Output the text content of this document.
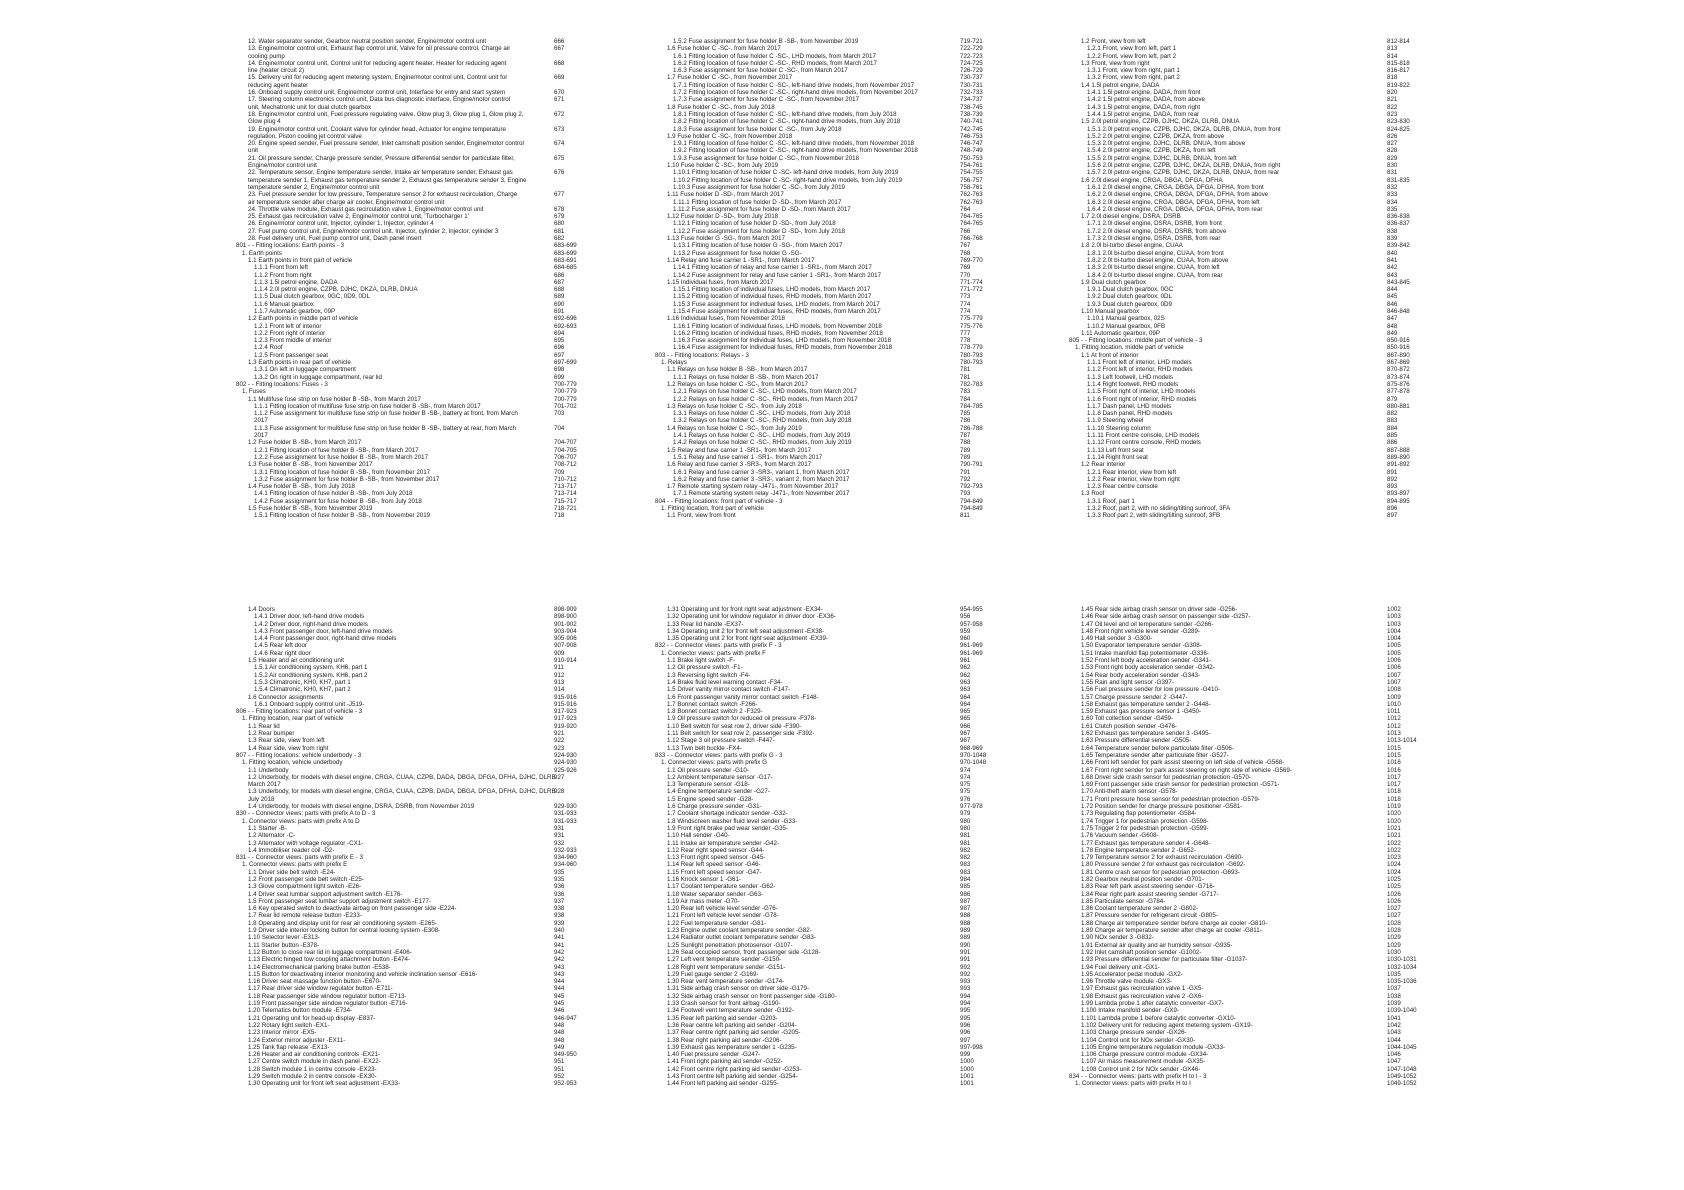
12. Water separator sender, Gearbox neutral position sender, Engine/motor control unit	666
13. Engine/motor control unit, Exhaust flap control unit, Valve for oil pressure control, Charge air	667
cooling pump
14. Engine/motor control unit, Control unit for reducing agent heater, Heater for reducing agent	668
line (heater circuit 2)
15. Delivery unit for reducing agent metering system, Engine/motor control unit, Control unit for	669
reducing agent heater
16. Onboard supply control unit, Engine/motor control unit, Interface for entry and start system	670
17. Steering column electronics control unit, Data bus diagnostic interface, Engine/motor control	671
unit, Mechatronic unit for dual clutch gearbox
18. Engine/motor control unit, Fuel pressure regulating valve, Glow plug 3, Glow plug 1, Glow plug 2,	672
Glow plug 4
19. Engine/motor control unit, Coolant valve for cylinder head, Actuator for engine temperature	673
regulation, Piston cooling jet control valve
20. Engine speed sender, Fuel pressure sender, Inlet camshaft position sender, Engine/motor control	674
unit
21. Oil pressure sender, Charge pressure sender, Pressure differential sender for particulate filter,	675
Engine/motor control unit
22. Temperature sensor, Engine temperature sender, Intake air temperature sender, Exhaust gas	676
temperature sender 1, Exhaust gas temperature sender 2, Exhaust gas temperature sender 3, Engine
temperature sender 2, Engine/motor control unit
23. Fuel pressure sender for low pressure, Temperature sensor 2 for exhaust recirculation, Charge	677
air temperature sender after charge air cooler, Engine/motor control unit
24. Throttle valve module, Exhaust gas recirculation valve 1, Engine/motor control unit	678
25. Exhaust gas recirculation valve 2, Engine/motor control unit, 'Turbocharger 1'	679
26. Engine/motor control unit, Injector, cylinder 1, Injector, cylinder 4	680
27. Fuel pump control unit, Engine/motor control unit, Injector, cylinder 2, Injector, cylinder 3	681
28. Fuel delivery unit, Fuel pump control unit, Dash panel insert	682
801 - - Fitting locations: Earth points - 3	683-699
1. Earth points	683-699
1.1 Earth points in front part of vehicle	683-691
1.1.1 Front from left	684-685
1.1.2 Front from right	686
1.1.3 1.5l petrol engine, DADA	687
1.1.4 2.0l petrol engine, CZPB, DJHC, DKZA, DLRB, DNUA	688
1.1.5 Dual clutch gearbox, 0GC, 0D9, 0DL	689
1.1.6 Manual gearbox	690
1.1.7 Automatic gearbox, 09P	691
1.2 Earth points in middle part of vehicle	692-696
1.2.1 Front left of interior	692-693
1.2.2 Front right of interior	694
1.2.3 Front middle of interior	695
1.2.4 Roof	696
1.2.5 Front passenger seat	697
1.3 Earth points in rear part of vehicle	697-699
1.3.1 On left in luggage compartment	698
1.3.2 On right in luggage compartment, rear lid	699
802 - - Fitting locations: Fuses - 3	700-779
1. Fuses	700-779
1.1 Multifuse fuse strip on fuse holder B -SB-, from March 2017	700-779
1.1.1 Fitting location of multifuse fuse strip on fuse holder B -SB-, from March 2017	701-702
1.1.2 Fuse assignment for multifuse fuse strip on fuse holder B -SB-, battery at front, from March	703
2017
1.1.3 Fuse assignment for multifuse fuse strip on fuse holder B -SB-, battery at rear, from March	704
2017
1.2 Fuse holder B -SB-, from March 2017	704-707
1.2.1 Fitting location of fuse holder B -SB-, from March 2017	704-705
1.2.2 Fuse assignment for fuse holder B -SB-, from March 2017	706-707
1.3 Fuse holder B -SB-, from November 2017	708-712
1.3.1 Fitting location of fuse holder B -SB-, from November 2017	709
1.3.2 Fuse assignment for fuse holder B -SB-, from November 2017	710-712
1.4 Fuse holder B -SB-, from July 2018	713-717
1.4.1 Fitting location of fuse holder B -SB-, from July 2018	713-714
1.4.2 Fuse assignment for fuse holder B -SB-, from July 2018	715-717
1.5 Fuse holder B -SB-, from November 2019	718-721
1.5.1 Fitting location of fuse holder B -SB-, from November 2019	718
1.5.2 Fuse assignment for fuse holder B -SB-, from November 2019	719-721
1.6 Fuse holder C -SC-, from March 2017	722-729
1.6.1 Fitting location of fuse holder C -SC-, LHD models, from March 2017	722-723
1.6.2 Fitting location of fuse holder C -SC-, RHD models, from March 2017	724-725
1.6.3 Fuse assignment for fuse holder C -SC-, from March 2017	726-729
1.7 Fuse holder C -SC-, from November 2017	730-737
1.7.1 Fitting location of fuse holder C -SC-, left-hand drive models, from November 2017	730-731
1.7.2 Fitting location of fuse holder C -SC-, right-hand drive models, from November 2017	732-733
1.7.3 Fuse assignment for fuse holder C -SC-, from November 2017	734-737
1.8 Fuse holder C -SC-, from July 2018	738-745
1.8.1 Fitting location of fuse holder C -SC-, left-hand drive models, from July 2018	738-739
1.8.2 Fitting location of fuse holder C -SC-, right-hand drive models, from July 2018	740-741
1.8.3 Fuse assignment for fuse holder C -SC-, from July 2018	742-745
1.9 Fuse holder C -SC-, from November 2018	746-753
1.9.1 Fitting location of fuse holder C -SC-, left-hand drive models, from November 2018	746-747
1.9.2 Fitting location of fuse holder C -SC-, right-hand drive models, from November 2018	748-749
1.9.3 Fuse assignment for fuse holder C -SC-, from November 2018	750-753
1.10 Fuse holder C -SC-, from July 2019	754-761
1.10.1 Fitting location of fuse holder C -SC- left-hand drive models, from July 2019	754-755
1.10.2 Fitting location of fuse holder C -SC- right-hand drive models, from July 2019	756-757
1.10.3 Fuse assignment for fuse holder C -SC-, from July 2019	758-761
1.11 Fuse holder D -SD-, from March 2017	762-763
1.11.1 Fitting location of fuse holder D -SD-, from March 2017	762-763
1.11.2 Fuse assignment for fuse holder D -SD-, from March 2017	764
1.12 Fuse holder D -SD-, from July 2018	764-765
1.12.1 Fitting location of fuse holder D -SD-, from July 2018	764-765
1.12.2 Fuse assignment for fuse holder D -SD-, from July 2018	766
1.13 Fuse holder G -SG-, from March 2017	766-768
1.13.1 Fitting location of fuse holder G -SG-, from March 2017	767
1.13.2 Fuse assignment for fuse holder G -SG-	768
1.14 Relay and fuse carrier 1 -SR1-, from March 2017	769-770
1.14.1 Fitting location of relay and fuse carrier 1 -SR1-, from March 2017	769
1.14.2 Fuse assignment for relay and fuse carrier 1 -SR1-, from March 2017	770
1.15 Individual fuses, from March 2017	771-774
1.15.1 Fitting location of individual fuses, LHD models, from March 2017	771-772
1.15.2 Fitting location of individual fuses, RHD models, from March 2017	773
1.15.3 Fuse assignment for individual fuses, LHD models, from March 2017	774
1.15.4 Fuse assignment for individual fuses, RHD models, from March 2017	774
1.16 Individual fuses, from November 2018	775-779
1.16.1 Fitting location of individual fuses, LHD models, from November 2018	775-776
1.16.2 Fitting location of individual fuses, RHD models, from November 2018	777
1.16.3 Fuse assignment for individual fuses, LHD models, from November 2018	778
1.16.4 Fuse assignment for individual fuses, RHD models, from November 2018	778-779
803 - - Fitting locations: Relays - 3	780-793
1. Relays	780-793
1.1 Relays on fuse holder B -SB-, from March 2017	781
1.1.1 Relays on fuse holder B -SB-, from March 2017	781
1.2 Relays on fuse holder C -SC-, from March 2017	782-783
1.2.1 Relays on fuse holder C -SC-, LHD models, from March 2017	783
1.2.2 Relays on fuse holder C -SC-, RHD models, from March 2017	784
1.3 Relays on fuse holder C -SC-, from July 2018	784-785
1.3.1 Relays on fuse holder C -SC-, LHD models, from July 2018	785
1.3.2 Relays on fuse holder C -SC-, RHD models, from July 2018	786
1.4 Relays on fuse holder C -SC-, from July 2019	786-788
1.4.1 Relays on fuse holder C -SC-, LHD models, from July 2019	787
1.4.2 Relays on fuse holder C -SC-, RHD models, from July 2019	788
1.5 Relay and fuse carrier 1 -SR1-, from March 2017	789
1.5.1 Relay and fuse carrier 1 -SR1-, from March 2017	789
1.6 Relay and fuse carrier 3 -SR3-, from March 2017	790-791
1.6.1 Relay and fuse carrier 3 -SR3-, variant 1, from March 2017	791
1.6.2 Relay and fuse carrier 3 -SR3-, variant 2, from March 2017	792
1.7 Remote starting system relay -J471-, from November 2017	792-793
1.7.1 Remote starting system relay -J471-, from November 2017	793
804 - - Fitting locations: front part of vehicle - 3	794-849
1. Fitting location, front part of vehicle	794-849
1.1 Front, view from front	811
1.2 Front, view from left	812-814
1.2.1 Front, view from left, part 1	813
1.2.2 Front, view from left, part 2	814
1.3 Front, view from right	815-818
1.3.1 Front, view from right, part 1	816-817
1.3.2 Front, view from right, part 2	818
1.4 1.5l petrol engine, DADA	819-822
1.4.1 1.5l petrol engine, DADA, from front	820
1.4.2 1.5l petrol engine, DADA, from above	821
1.4.3 1.5l petrol engine, DADA, from right	822
1.4.4 1.5l petrol engine, DADA, from rear	823
1.5 2.0l petrol engine, CZPB, DJHC, DKZA, DLRB, DNUA	823-830
1.5.1 2.0l petrol engine, CZPB, DJHC, DKZA, DLRB, DNUA, from front	824-825
1.5.2 2.0l petrol engine, CZPB, DKZA, from above	826
1.5.3 2.0l petrol engine, DJHC, DLRB, DNUA, from above	827
1.5.4 2.0l petrol engine, CZPB, DKZA, from left	828
1.5.5 2.0l petrol engine, DJHC, DLRB, DNUA, from left	829
1.5.6 2.0l petrol engine, CZPB, DJHC, DKZA, DLRB, DNUA, from right	830
1.5.7 2.0l petrol engine, CZPB, DJHC, DKZA, DLRB, DNUA, from rear	831
1.6 2.0l diesel engine, CRGA, DBGA, DFGA, DFHA	831-835
1.6.1 2.0l diesel engine, CRGA, DBGA, DFGA, DFHA, from front	832
1.6.2 2.0l diesel engine, CRGA, DBGA, DFGA, DFHA, from above	833
1.6.3 2.0l diesel engine, CRGA, DBGA, DFGA, DFHA, from left	834
1.6.4 2.0l diesel engine, CRGA, DBGA, DFGA, DFHA, from rear	835
1.7 2.0l diesel engine, DSRA, DSRB	836-838
1.7.1 2.0l diesel engine, DSRA, DSRB, from front	836-837
1.7.2 2.0l diesel engine, DSRA, DSRB, from above	838
1.7.3 2.0l diesel engine, DSRA, DSRB, from rear	839
1.8 2.0l bi-turbo diesel engine, CUAA	839-842
1.8.1 2.0l bi-turbo diesel engine, CUAA, from front	840
1.8.2 2.0l bi-turbo diesel engine, CUAA, from above	841
1.8.3 2.0l bi-turbo diesel engine, CUAA, from left	842
1.8.4 2.0l bi-turbo diesel engine, CUAA, from rear	843
1.9 Dual clutch gearbox	843-845
1.9.1 Dual clutch gearbox, 0GC	844
1.9.2 Dual clutch gearbox, 0DL	845
1.9.3 Dual clutch gearbox, 0D9	846
1.10 Manual gearbox	846-848
1.10.1 Manual gearbox, 02S	847
1.10.2 Manual gearbox, 0FB	848
1.11 Automatic gearbox, 09P	849
805 - - Fitting locations: middle part of vehicle - 3	850-916
1. Fitting location, middle part of vehicle	850-916
1.1 At front of interior	867-890
1.1.1 Front left of interior, LHD models	867-869
1.1.2 Front left of interior, RHD models	870-872
1.1.3 Left footwell, LHD models	873-874
1.1.4 Right footwell, RHD models	875-876
1.1.5 Front right of interior, LHD models	877-878
1.1.6 Front right of interior, RHD models	879
1.1.7 Dash panel, LHD models	880-881
1.1.8 Dash panel, RHD models	882
1.1.9 Steering wheel	883
1.1.10 Steering column	884
1.1.11 Front centre console, LHD models	885
1.1.12 Front centre console, RHD models	886
1.1.13 Left front seat	887-888
1.1.14 Right front seat	889-890
1.2 Rear interior	891-892
1.2.1 Rear interior, view from left	891
1.2.2 Rear interior, view from right	892
1.2.3 Rear centre console	893
1.3 Roof	893-897
1.3.1 Roof, part 1	894-895
1.3.2 Roof, part 2, with no sliding/tilting sunroof, 3FA	896
1.3.3 Roof part 2, with sliding/tilting sunroof, 3FB	897
1.4 Doors	898-909
1.4.1 Driver door, left-hand drive models	898-900
1.4.2 Driver door, right-hand drive models	901-902
1.4.3 Front passenger door, left-hand drive models	903-904
1.4.4 Front passenger door, right-hand drive models	905-906
1.4.5 Rear left door	907-908
1.4.6 Rear right door	909
1.5 Heater and air conditioning unit	910-914
1.5.1 Air conditioning system, KH6, part 1	911
1.5.2 Air conditioning system, KH6, part 2	912
1.5.3 Climatronic, KH0, KH7, part 1	913
1.5.4 Climatronic, KH0, KH7, part 2	914
1.6 Connector assignments	915-916
1.6.1 Onboard supply control unit -J519-	915-916
806 - - Fitting locations: rear part of vehicle - 3	917-923
1. Fitting location, rear part of vehicle	917-923
1.1 Rear lid	919-920
1.2 Rear bumper	921
1.3 Rear side, view from left	922
1.4 Rear side, view from right	923
807 - - Fitting locations: vehicle underbody - 3	924-930
1. Fitting location, vehicle underbody	924-930
1.1 Underbody	925-926
1.2 Underbody, for models with diesel engine, CRGA, CUAA, CZPB, DADA, DBGA, DFGA, DFHA, DJHC, DLRB
927
March 2017
1.3 Underbody, for models with diesel engine, CRGA, CUAA, CZPB, DADA, DBGA, DFGA, DFHA, DJHC, DLRB
928
July 2018
1.4 Underbody, for models with diesel engine, DSRA, DSRB, from November 2019	929-930
830 - - Connector views: parts with prefix A to D - 3	931-933
1. Connector views: parts with prefix A to D	931-933
1.1 Starter -B-	931
1.2 Alternator -C-	931
1.3 Alternator with voltage regulator -CX1-	932
1.4 Immobiliser reader coil -D2-	932-933
831 - - Connector views: parts with prefix E - 3	934-960
1. Connector views: parts with prefix E	934-960
1.1 Driver side belt switch -E24-	935
1.2 Front passenger side belt switch -E25-	935
1.3 Glove compartment light switch -E26-	936
1.4 Driver seat lumbar support adjustment switch -E176-	936
1.5 Front passenger seat lumbar support adjustment switch -E177-	937
1.6 Key operated switch to deactivate airbag on front passenger side -E224-	938
1.7 Rear lid remote release button -E233-	938
1.8 Operating and display unit for rear air conditioning system -E265-	939
1.9 Driver side interior locking button for central locking system -E308-	940
1.10 Selector lever -E313-	941
1.11 Starter button -E378-	941
1.12 Button to close rear lid in luggage compartment -E406-	942
1.13 Electric hinged tow coupling attachment button -E474-	942
1.14 Electromechanical parking brake button -E538-	943
1.15 Button for deactivating interior monitoring and vehicle inclination sensor -E616-	943
1.16 Driver seat massage function button -E670-	944
1.17 Rear driver side window regulator button -E711-	944
1.18 Rear passenger side window regulator button -E713-	945
1.19 Front passenger side window regulator button -E716-	945
1.20 Telematics button module -E734-	946
1.21 Operating unit for head-up display -E837-	946-947
1.22 Rotary light switch -EX1-	948
1.23 Interior mirror -EX5-	948
1.24 Exterior mirror adjuster -EX11-	948
1.25 Tank flap release -EX13-	949
1.26 Heater and air conditioning controls -EX21-	949-950
1.27 Centre switch module in dash panel -EX22-	951
1.28 Switch module 1 in centre console -EX23-	951
1.29 Switch module 2 in centre console -EX30-	952
1.30 Operating unit for front left seat adjustment -EX33-	952-953
1.31 Operating unit for front right seat adjustment -EX34-	954-955
1.32 Operating unit for window regulator in driver door -EX36-	956
1.33 Rear lid handle -EX37-	957-958
1.34 Operating unit 2 for front left seat adjustment -EX38-	959
1.35 Operating unit 2 for front right seat adjustment -EX39-	960
832 - - Connector views: parts with prefix F - 3	961-969
1. Connector views: parts with prefix F	961-969
1.1 Brake light switch -F-	961
1.2 Oil pressure switch -F1-	962
1.3 Reversing light switch -F4-	962
1.4 Brake fluid level warning contact -F34-	963
1.5 Driver vanity mirror contact switch -F147-	963
1.6 Front passenger vanity mirror contact switch -F148-	964
1.7 Bonnet contact switch -F266-	964
1.8 Bonnet contact switch 2 -F329-	965
1.9 Oil pressure switch for reduced oil pressure -F378-	965
1.10 Belt switch for seat row 2, driver side -F390-	966
1.11 Belt switch for seat row 2, passenger side -F392-	967
1.12 Stage 3 oil pressure switch -F447-	967
1.13 Twin belt buckle -FX4-	968-969
833 - - Connector views: parts with prefix G - 3	970-1048
1. Connector views: parts with prefix G	970-1048
1.1 Oil pressure sender -G10-	974
1.2 Ambient temperature sensor -G17-	974
1.3 Temperature sensor -G18-	975
1.4 Engine temperature sender -G27-	975
1.5 Engine speed sender -G28-	976
1.6 Charge pressure sender -G31-	977-978
1.7 Coolant shortage indicator sender -G32-	979
1.8 Windscreen washer fluid level sender -G33-	980
1.9 Front right brake pad wear sender -G35-	980
1.10 Hall sender -G40-	981
1.11 Intake air temperature sender -G42-	981
1.12 Rear right speed sensor -G44-	982
1.13 Front right speed sensor -G45-	982
1.14 Rear left speed sensor -G46-	983
1.15 Front left speed sensor -G47-	983
1.16 Knock sensor 1 -G61-	984
1.17 Coolant temperature sender -G62-	985
1.18 Water separator sender -G63-	986
1.19 Air mass meter -G70-	987
1.20 Rear left vehicle level sender -G76-	987
1.21 Front left vehicle level sender -G78-	988
1.22 Fuel temperature sender -G81-	988
1.23 Engine outlet coolant temperature sender -G82-	989
1.24 Radiator outlet coolant temperature sender -G83-	989
1.25 Sunlight penetration photosensor -G107-	990
1.26 Seat occupied sensor, front passenger side -G128-	991
1.27 Left vent temperature sender -G150-	991
1.28 Right vent temperature sender -G151-	992
1.29 Fuel gauge sender 2 -G169-	992
1.30 Rear vent temperature sender -G174-	993
1.31 Side airbag crash sensor on driver side -G179-	993
1.32 Side airbag crash sensor on front passenger side -G180-	994
1.33 Crash sensor for front airbag -G190-	994
1.34 Footwell vent temperature sender -G192-	995
1.35 Rear left parking aid sender -G203-	995
1.36 Rear centre left parking aid sender -G204-	996
1.37 Rear centre right parking aid sender -G205-	996
1.38 Rear right parking aid sender -G206-	997
1.39 Exhaust gas temperature sender 1 -G235-	997-998
1.40 Fuel pressure sender -G247-	999
1.41 Front right parking aid sender -G252-	1000
1.42 Front centre right parking aid sender -G253-	1000
1.43 Front centre left parking aid sender -G254-	1001
1.44 Front left parking aid sender -G255-	1001
1.45 Rear side airbag crash sensor on driver side -G256-	1002
1.46 Rear side airbag crash sensor on passenger side -G257-	1003
1.47 Oil level and oil temperature sender -G266-	1003
1.48 Front right vehicle level sender -G289-	1004
1.49 Hall sender 3 -G300-	1004
1.50 Evaporator temperature sender -G308-	1005
1.51 Intake manifold flap potentiometer -G336-	1005
1.52 Front left body acceleration sender -G341-	1006
1.53 Front right body acceleration sender -G342-	1006
1.54 Rear body acceleration sender -G343-	1007
1.55 Rain and light sensor -G397-	1007
1.56 Fuel pressure sender for low pressure -G410-	1008
1.57 Charge pressure sender 2 -G447-	1009
1.58 Exhaust gas temperature sender 2 -G448-	1010
1.59 Exhaust gas pressure sensor 1 -G450-	1011
1.60 Toll collection sender -G459-	1012
1.61 Clutch position sender -G476-	1012
1.62 Exhaust gas temperature sender 3 -G495-	1013
1.63 Pressure differential sender -G505-	1013-1014
1.64 Temperature sender before particulate filter -G506-	1015
1.65 Temperature sender after particulate filter -G527-	1015
1.66 Front left sender for park assist steering on left side of vehicle -G568-	1016
1.67 Front right sender for park assist steering on right side of vehicle -G569-	1016
1.68 Driver side crash sensor for pedestrian protection -G570-	1017
1.69 Front passenger side crash sensor for pedestrian protection -G571-	1017
1.70 Anti-theft alarm sensor -G578-	1018
1.71 Front pressure hose sensor for pedestrian protection -G579-	1018
1.72 Position sender for charge pressure positioner -G581-	1019
1.73 Regulating flap potentiometer -G584-	1020
1.74 Trigger 1 for pedestrian protection -G598-	1020
1.75 Trigger 2 for pedestrian protection -G599-	1021
1.76 Vacuum sender -G608-	1021
1.77 Exhaust gas temperature sender 4 -G648-	1022
1.78 Engine temperature sender 2 -G652-	1022
1.79 Temperature sensor 2 for exhaust recirculation -G690-	1023
1.80 Pressure sender 2 for exhaust gas recirculation -G692-	1024
1.81 Centre crash sensor for pedestrian protection -G693-	1024
1.82 Gearbox neutral position sender -G701-	1025
1.83 Rear left park assist steering sender -G716-	1025
1.84 Rear right park assist steering sender -G717-	1026
1.85 Particulate sensor -G784-	1026
1.86 Coolant temperature sender 2 -G802-	1027
1.87 Pressure sender for refrigerant circuit -G805-	1027
1.88 Charge air temperature sender before charge air cooler -G810-	1028
1.89 Charge air temperature sender after charge air cooler -G811-	1028
1.90 NOx sender 3 -G832-	1029
1.91 External air quality and air humidity sensor -G935-	1029
1.92 Inlet camshaft position sender -G1002-	1030
1.93 Pressure differential sender for particulate filter -G1037-	1030-1031
1.94 Fuel delivery unit -GX1-	1032-1034
1.95 Accelerator pedal module -GX2-	1035
1.96 Throttle valve module -GX3-	1035-1036
1.97 Exhaust gas recirculation valve 1 -GX5-	1037
1.98 Exhaust gas recirculation valve 2 -GX6-	1038
1.99 Lambda probe 1 after catalytic converter -GX7-	1039
1.100 Intake manifold sender -GX9-	1039-1040
1.101 Lambda probe 1 before catalytic converter -GX10-	1041
1.102 Delivery unit for reducing agent metering system -GX19-	1042
1.103 Charge pressure sender -GX26-	1043
1.104 Control unit for NOx sender -GX30-	1044
1.105 Engine temperature regulation module -GX33-	1044-1045
1.106 Charge pressure control module -GX34-	1046
1.107 Air mass measurement module -GX35-	1047
1.108 Control unit 2 for NOx sender -GX46-	1047-1048
834 - - Connector views: parts with prefix H to I - 3	1049-1052
1. Connector views: parts with prefix H to I	1049-1052
